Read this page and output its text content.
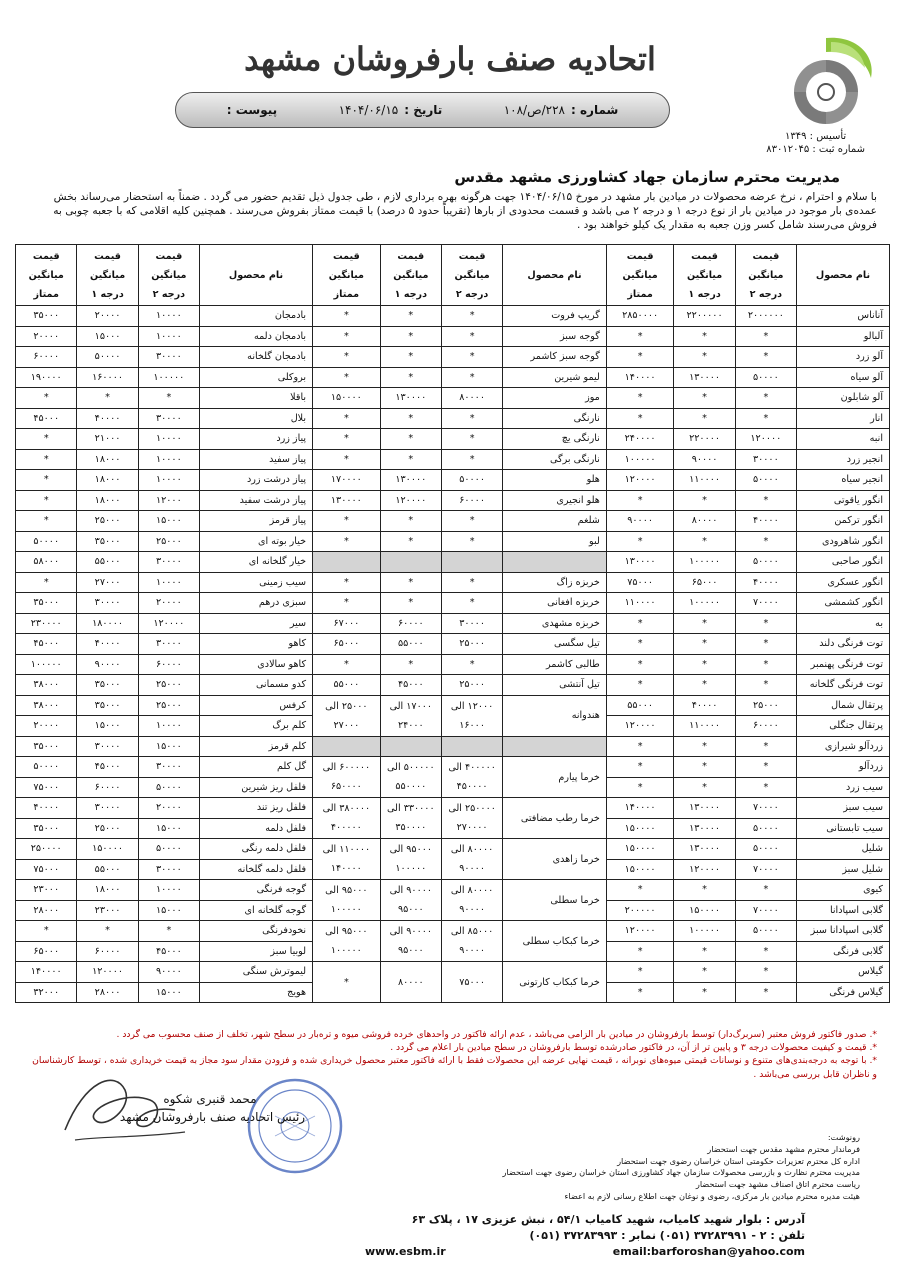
تأسیس : ۱۳۴۹
شماره ثبت : ۸۳۰۱۲۰۴۵
اتحادیه صنف بارفروشان مشهد
شماره :۲۲۸/ص/۱۰۸
تاریخ :۱۴۰۴/۰۶/۱۵
پیوست :
مدیریت محترم سازمان جهاد کشاورزی مشهد مقدس
با سلام و احترام ، نرخ عرضه محصولات در میادین بار مشهد در مورخ ۱۴۰۴/۰۶/۱۵ جهت هرگونه بهره برداری لازم ، طی جدول ذیل تقدیم حضور می گردد . ضمناً به استحضار می‌رساند بخش عمده‌ی بار موجود در میادین بار از نوع درجه ۱ و درجه ۲ می باشد و قسمت محدودی از بارها (تقریباً حدود ۵ درصد) با قیمت ممتاز بفروش می‌رسند . همچنین کلیه اقلامی که با جعبه چوبی به فروش می‌رسند شامل کسر وزن جعبه به مقدار یک کیلو خواهند بود .
نام محصول	قیمت میانگین درجه ۲	قیمت میانگین درجه ۱	قیمت میانگین ممتاز	نام محصول	قیمت میانگین درجه ۲	قیمت میانگین درجه ۱	قیمت میانگین ممتاز	نام محصول	قیمت میانگین درجه ۲	قیمت میانگین درجه ۱	قیمت میانگین ممتاز
آناناس	۲۰۰۰۰۰۰	۲۲۰۰۰۰۰	۲۸۵۰۰۰۰	گریپ فروت	*	*	*	بادمجان	۱۰۰۰۰	۲۰۰۰۰	۳۵۰۰۰
آلبالو	*	*	*	گوجه سبز	*	*	*	بادمجان دلمه	۱۰۰۰۰	۱۵۰۰۰	۲۰۰۰۰
آلو زرد	*	*	*	گوجه سبز کاشمر	*	*	*	بادمجان گلخانه	۳۰۰۰۰	۵۰۰۰۰	۶۰۰۰۰
آلو سیاه	۵۰۰۰۰	۱۳۰۰۰۰	۱۴۰۰۰۰	لیمو شیرین	*	*	*	بروکلی	۱۰۰۰۰۰	۱۶۰۰۰۰	۱۹۰۰۰۰
آلو شابلون	*	*	*	موز	۸۰۰۰۰	۱۳۰۰۰۰	۱۵۰۰۰۰	باقلا	*	*	*
انار	*	*	*	نارنگی	*	*	*	بلال	۳۰۰۰۰	۴۰۰۰۰	۴۵۰۰۰
انبه	۱۲۰۰۰۰	۲۲۰۰۰۰	۲۴۰۰۰۰	نارنگی یچ	*	*	*	پیاز زرد	۱۰۰۰۰	۲۱۰۰۰	*
انجیر زرد	۳۰۰۰۰	۹۰۰۰۰	۱۰۰۰۰۰	نارنگی برگی	*	*	*	پیاز سفید	۱۰۰۰۰	۱۸۰۰۰	*
انجیر سیاه	۵۰۰۰۰	۱۱۰۰۰۰	۱۲۰۰۰۰	هلو	۵۰۰۰۰	۱۳۰۰۰۰	۱۷۰۰۰۰	پیاز درشت زرد	۱۰۰۰۰	۱۸۰۰۰	*
انگور یاقوتی	*	*	*	هلو انجیری	۶۰۰۰۰	۱۲۰۰۰۰	۱۳۰۰۰۰	پیاز درشت سفید	۱۲۰۰۰	۱۸۰۰۰	*
انگور ترکمن	۴۰۰۰۰	۸۰۰۰۰	۹۰۰۰۰	شلغم	*	*	*	پیاز قرمز	۱۵۰۰۰	۲۵۰۰۰	*
انگور شاهرودی	*	*	*	لبو	*	*	*	خیار بوته ای	۲۵۰۰۰	۳۵۰۰۰	۵۰۰۰۰
انگور صاحبی	۵۰۰۰۰	۱۰۰۰۰۰	۱۳۰۰۰۰					خیار گلخانه ای	۳۰۰۰۰	۵۵۰۰۰	۵۸۰۰۰
انگور عسکری	۴۰۰۰۰	۶۵۰۰۰	۷۵۰۰۰	خربزه زاگ	*	*	*	سیب زمینی	۱۰۰۰۰	۲۷۰۰۰	*
انگور کشمشی	۷۰۰۰۰	۱۰۰۰۰۰	۱۱۰۰۰۰	خربزه افغانی	*	*	*	سبزی درهم	۲۰۰۰۰	۳۰۰۰۰	۳۵۰۰۰
به	*	*	*	خربزه مشهدی	۳۰۰۰۰	۶۰۰۰۰	۶۷۰۰۰	سیر	۱۲۰۰۰۰	۱۸۰۰۰۰	۲۳۰۰۰۰
توت فرنگی دلند	*	*	*	تیل سگسی	۲۵۰۰۰	۵۵۰۰۰	۶۵۰۰۰	کاهو	۳۰۰۰۰	۴۰۰۰۰	۴۵۰۰۰
توت فرنگی پهنمبر	*	*	*	طالبی کاشمر	*	*	*	کاهو سالادی	۶۰۰۰۰	۹۰۰۰۰	۱۰۰۰۰۰
توت فرنگی گلخانه	*	*	*	تیل آنتشی	۲۵۰۰۰	۴۵۰۰۰	۵۵۰۰۰	کدو مسمانی	۲۵۰۰۰	۳۵۰۰۰	۳۸۰۰۰
پرتقال شمال	۲۵۰۰۰	۴۰۰۰۰	۵۵۰۰۰	هندوانه	۱۲۰۰۰ الی ۱۶۰۰۰	۱۷۰۰۰ الی ۲۴۰۰۰	۲۵۰۰۰ الی ۲۷۰۰۰	کرفس	۲۵۰۰۰	۳۵۰۰۰	۳۸۰۰۰
پرتقال جنگلی	۶۰۰۰۰	۱۱۰۰۰۰	۱۲۰۰۰۰					کلم برگ	۱۰۰۰۰	۱۵۰۰۰	۲۰۰۰۰
زردآلو شیرازی	*	*	*					کلم قرمز	۱۵۰۰۰	۳۰۰۰۰	۳۵۰۰۰
زردآلو	*	*	*	خرما پیارم	۴۰۰۰۰۰ الی ۴۵۰۰۰۰	۵۰۰۰۰۰ الی ۵۵۰۰۰۰	۶۰۰۰۰۰ الی ۶۵۰۰۰۰	گل کلم	۳۰۰۰۰	۴۵۰۰۰	۵۰۰۰۰
سیب زرد	*	*	*					فلفل ریز شیرین	۵۰۰۰۰	۶۰۰۰۰	۷۵۰۰۰
سیب سبز	۷۰۰۰۰	۱۳۰۰۰۰	۱۴۰۰۰۰	خرما رطب مضافتی	۲۵۰۰۰۰ الی ۲۷۰۰۰۰	۳۳۰۰۰۰ الی ۳۵۰۰۰۰	۳۸۰۰۰۰ الی ۴۰۰۰۰۰	فلفل ریز تند	۲۰۰۰۰	۳۰۰۰۰	۴۰۰۰۰
سیب تابستانی	۵۰۰۰۰	۱۳۰۰۰۰	۱۵۰۰۰۰					فلفل دلمه	۱۵۰۰۰	۲۵۰۰۰	۳۵۰۰۰
شلیل	۵۰۰۰۰	۱۳۰۰۰۰	۱۵۰۰۰۰	خرما زاهدی	۸۰۰۰۰ الی ۹۰۰۰۰	۹۵۰۰۰ الی ۱۰۰۰۰۰	۱۱۰۰۰۰ الی ۱۴۰۰۰۰	فلفل دلمه رنگی	۵۰۰۰۰	۱۵۰۰۰۰	۲۵۰۰۰۰
شلیل سبز	۷۰۰۰۰	۱۲۰۰۰۰	۱۵۰۰۰۰					فلفل دلمه گلخانه	۳۰۰۰۰	۵۵۰۰۰	۷۵۰۰۰
کیوی	*	*	*	خرما سطلی	۸۰۰۰۰ الی ۹۰۰۰۰	۹۰۰۰۰ الی ۹۵۰۰۰	۹۵۰۰۰ الی ۱۰۰۰۰۰	گوجه فرنگی	۱۰۰۰۰	۱۸۰۰۰	۲۳۰۰۰
گلابی اسپادانا	۷۰۰۰۰	۱۵۰۰۰۰	۲۰۰۰۰۰					گوجه گلخانه ای	۱۵۰۰۰	۲۳۰۰۰	۲۸۰۰۰
گلابی اسپادانا سبز	۵۰۰۰۰	۱۰۰۰۰۰	۱۲۰۰۰۰	خرما کبکاب سطلی	۸۵۰۰۰ الی ۹۰۰۰۰	۹۰۰۰۰ الی ۹۵۰۰۰	۹۵۰۰۰ الی ۱۰۰۰۰۰	نخودفرنگی	*	*	*
گلابی فرنگی	*	*	*					لوبیا سبز	۴۵۰۰۰	۶۰۰۰۰	۶۵۰۰۰
گیلاس	*	*	*	خرما کبکاب کارتونی	۷۵۰۰۰	۸۰۰۰۰	*	لیموترش سنگی	۹۰۰۰۰	۱۲۰۰۰۰	۱۴۰۰۰۰
گیلاس فرنگی	*	*	*					هویج	۱۵۰۰۰	۲۸۰۰۰	۳۲۰۰۰
*. صدور فاکتور فروش معتبر (سربرگ‌دار) توسط بارفروشان در میادین بار الزامی می‌باشد ، عدم ارائه فاکتور در واحدهای خرده فروشی میوه و تره‌بار در سطح شهر، تخلف از صنف محسوب می گردد .
*. قیمت و کیفیت محصولات درجه ۳ و پایین تر از آن، در فاکتور صادرشده توسط بارفروشان در سطح میادین بار اعلام می گردد .
*. با توجه به درجه‌بندی‌های متنوع و نوسانات قیمتی میوه‌های نوبرانه ، قیمت نهایی عرضه این محصولات فقط با ارائه فاکتور معتبر محصول خریداری شده و فزودن مقدار سود مجاز به قیمت خریداری شده ، توسط کارشناسان و ناظران قابل بررسی می‌باشد .
محمد قنبری شکوه
رئیس اتحادیه صنف بارفروشان مشهد
رونوشت:
فرماندار محترم مشهد مقدس جهت استحضار
اداره کل محترم تعزیرات حکومتی استان خراسان رضوی جهت استحضار
مدیریت محترم نظارت و بازرسی محصولات سازمان جهاد کشاورزی استان خراسان رضوی جهت استحضار
ریاست محترم اتاق اصناف مشهد جهت استحضار
هیئت مدیره محترم میادین بار مرکزی، رضوی و نوغان جهت اطلاع رسانی لازم به اعضاء
آدرس : بلوار شهید کامیاب، شهید کامیاب ۵۴/۱ ، نبش عزیزی ۱۷ ، پلاک ۶۳
تلفن : ۲ - ۳۷۲۸۳۹۹۱ (۰۵۱) نمابر : ۳۷۲۸۳۹۹۳ (۰۵۱)
www.esbm.ir	email:barforoshan@yahoo.com
